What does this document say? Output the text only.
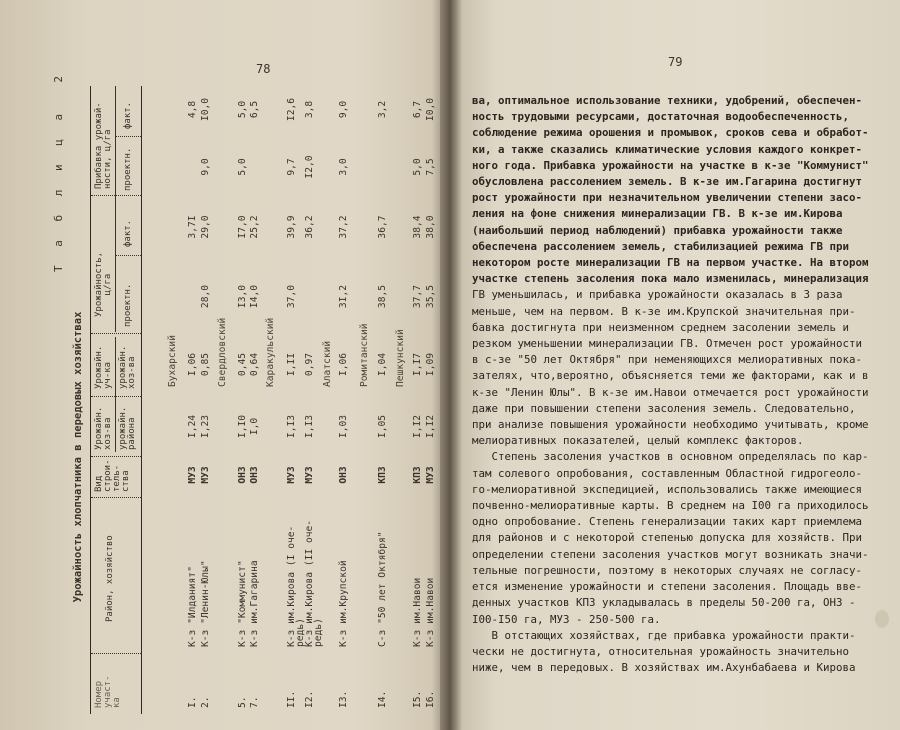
78	79
Т а б л и ц а  2
Урожайность хлопчатника в передовых хозяйствах
Номер
участ-
ка
Район, хозяйство
Вид
строи-
тель-
ства
Урожайн.
хоз-ва урожайн.
района
Урожайн.
уч-ка урожайн.
хоз-ва
Урожайность,
ц/га проектн.
факт.
Прибавка урожай-
ности, ц/га
проектн.
факт.
Бухарский
I.
К-з "Илданият"
МУЗ
I,24
I,06
3,7I
4,8
2.
К-з "Ленин-Юлы"
МУЗ
I,23
0,85
28,0
29,0
9,0
I0,0
Свердловский
5.
К-з "Коммунист"
ОНЗ
I,I0
0,45
I3,0
I7,0
5,0
5,0
7.
К-з им.Гагарина
ОНЗ
I,0
0,64
I4,0
25,2
6,5
Каракульский
II.
К-з им.Кирова (I оче-
редь)
МУЗ
I,I3
I,II
37,0
39,9
9,7
I2,6
I2.
К-з им.Кирова (II оче-
редь)
МУЗ
I,I3
0,97
36,2
I2,0
3,8
Алатский
I3.
К-з им.Крупской
ОНЗ
I,03
I,06
3I,2
37,2
3,0
9,0
Ромитанский
I4.
С-з "50 лет Октября"
КПЗ
I,05
I,04
38,5
36,7
3,2
Пешкунский
I5.
К-з им.Навои
КПЗ
I,I2
I,I7
37,7
38,4
5,0
6,7
I6.
К-з им.Навои
МУЗ
I,I2
I,09
35,5
38,0
7,5
I0,0	ва, оптимальное использование техники, удобрений, обеспечен-
ность трудовыми ресурсами, достаточная водообеспеченность,
соблюдение режима орошения и промывок, сроков сева и обработ-
ки, а также сказались климатические условия каждого конкрет-
ного года. Прибавка урожайности на участке в к-зе "Коммунист"
обусловлена рассолением земель. В к-зе им.Гагарина достигнут
рост урожайности при незначительном увеличении степени засо-
ления на фоне снижения минерализации ГВ. В к-зе им.Кирова
(наибольший период наблюдений) прибавка урожайности также
обеспечена рассолением земель, стабилизацией режима ГВ при
некотором росте минерализации ГВ на первом участке. На втором
участке степень засоления пока мало изменилась, минерализация
ГВ уменьшилась, и прибавка урожайности оказалась в 3 раза
меньше, чем на первом. В к-зе им.Крупской значительная при-
бавка достигнута при неизменном среднем засолении земель и
резком уменьшении минерализации ГВ. Отмечен рост урожайности
в с-зе "50 лет Октября" при неменяющихся мелиоративных пока-
зателях, что,вероятно, объясняется теми же факторами, как и в
к-зе "Ленин Юлы". В к-зе им.Навои отмечается рост урожайности
даже при повышении степени засоления земель. Следовательно,
при анализе повышения урожайности необходимо учитывать, кроме
мелиоративных показателей, целый комплекс факторов.
Степень засоления участков в основном определялась по кар-
там солевого опробования, составленным Областной гидрогеоло-
го-мелиоративной экспедицией, использовались также имеющиеся
почвенно-мелиоративные карты. В среднем на I00 га приходилось
одно опробование. Степень генерализации таких карт приемлема
для районов и с некоторой степенью допуска для хозяйств. При
определении степени засоления участков могут возникать значи-
тельные погрешности, поэтому в некоторых случаях не согласу-
ется изменение урожайности и степени засоления. Площадь вве-
денных участков КПЗ укладывалась в пределы 50-200 га, ОНЗ -
I00-I50 га, МУЗ - 250-500 га.
В отстающих хозяйствах, где прибавка урожайности практи-
чески не достигнута, относительная урожайность значительно
ниже, чем в передовых. В хозяйствах им.Ахунбабаева и Кирова
